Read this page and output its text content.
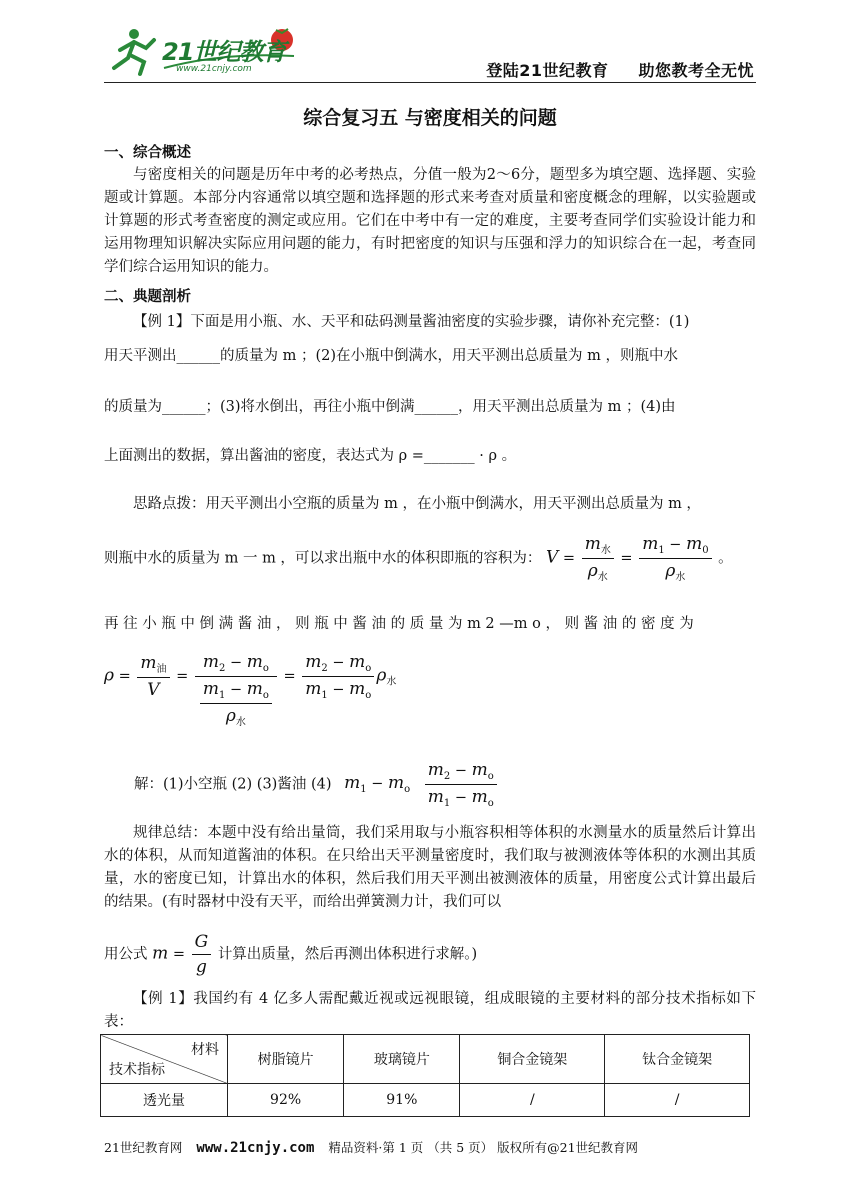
21世纪教育
www.21cnjy.com	登陆21世纪教育 助您教考全无忧
综合复习五 与密度相关的问题
一、综合概述

与密度相关的问题是历年中考的必考热点，分值一般为2～6分，题型多为填空题、选择题、实验题或计算题。本部分内容通常以填空题和选择题的形式来考查对质量和密度概念的理解，以实验题或计算题的形式考查密度的测定或应用。它们在中考中有一定的难度，主要考查同学们实验设计能力和运用物理知识解决实际应用问题的能力，有时把密度的知识与压强和浮力的知识综合在一起，考查同学们综合运用知识的能力。

二、典题剖析
【例 1】下面是用小瓶、水、天平和砝码测量酱油密度的实验步骤，请你补充完整：(1)
用天平测出______的质量为 m ；(2)在小瓶中倒满水，用天平测出总质量为 m ，则瓶中水
的质量为______；(3)将水倒出，再往小瓶中倒满______，用天平测出总质量为 m ；(4)由
上面测出的数据，算出酱油的密度，表达式为 ρ =_______ · ρ 。
思路点拨：用天平测出小空瓶的质量为 m ，在小瓶中倒满水，用天平测出总质量为 m ，
则瓶中水的质量为 m 一 m ，可以求出瓶中水的体积即瓶的容积为： $V = \frac{m_水}{\rho_水} = \frac{m_1 - m_0}{\rho_水}$ 。
再 往 小 瓶 中 倒 满 酱 油 ， 则 瓶 中 酱 油 的 质 量 为 m 2 —m o ， 则 酱 油 的 密 度 为
$\rho = \frac{m_油}{V} = \frac{m_2 - m_o}{\frac{m_1 - m_o}{\rho_水}} = \frac{m_2 - m_o}{m_1 - m_o} \rho_水$
解：(1)小空瓶 (2) (3)酱油 (4) $m_1 - m_o \frac{m_2 - m_o}{m_1 - m_o}$

规律总结：本题中没有给出量筒，我们采用取与小瓶容积相等体积的水测量水的质量然后计算出水的体积，从而知道酱油的体积。在只给出天平测量密度时，我们取与被测液体等体积的水测出其质量，水的密度已知，计算出水的体积，然后我们用天平测出被测液体的质量，用密度公式计算出最后的结果。(有时器材中没有天平，而给出弹簧测力计，我们可以

用公式 $m = \frac{G}{g}$ 计算出质量，然后再测出体积进行求解。)

【例 1】我国约有 4 亿多人需配戴近视或远视眼镜，组成眼镜的主要材料的部分技术指标如下表：

材料
技术指标	树脂镜片	玻璃镜片	铜合金镜架	钛合金镜架
透光量	92%	91%	/	/
21世纪教育网 www.21cnjy.com 精品资料·第 1 页 （共 5 页） 版权所有@21世纪教育网
